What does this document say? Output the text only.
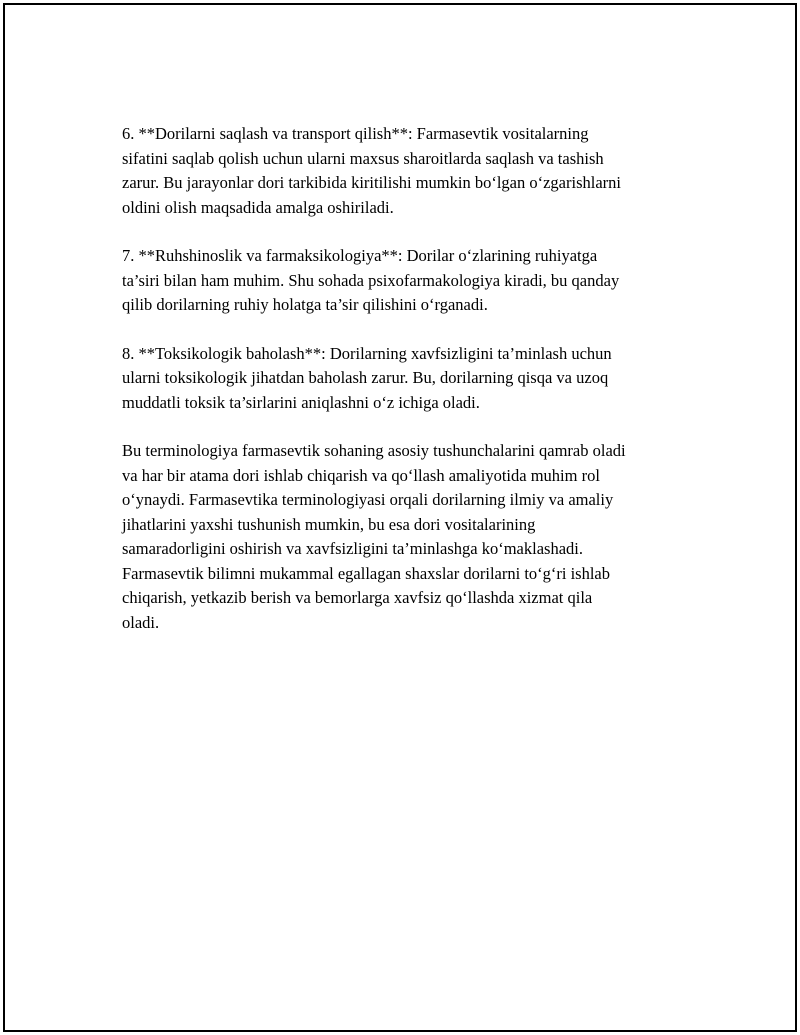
6. **Dorilarni saqlash va transport qilish**: Farmasevtik vositalarning
sifatini saqlab qolish uchun ularni maxsus sharoitlarda saqlash va tashish
zarur. Bu jarayonlar dori tarkibida kiritilishi mumkin bo‘lgan o‘zgarishlarni
oldini olish maqsadida amalga oshiriladi.

7. **Ruhshinoslik va farmaksikologiya**: Dorilar o‘zlarining ruhiyatga
ta’siri bilan ham muhim. Shu sohada psixofarmakologiya kiradi, bu qanday
qilib dorilarning ruhiy holatga ta’sir qilishini o‘rganadi.

8. **Toksikologik baholash**: Dorilarning xavfsizligini ta’minlash uchun
ularni toksikologik jihatdan baholash zarur. Bu, dorilarning qisqa va uzoq
muddatli toksik ta’sirlarini aniqlashni o‘z ichiga oladi.

Bu terminologiya farmasevtik sohaning asosiy tushunchalarini qamrab oladi
va har bir atama dori ishlab chiqarish va qo‘llash amaliyotida muhim rol
o‘ynaydi. Farmasevtika terminologiyasi orqali dorilarning ilmiy va amaliy
jihatlarini yaxshi tushunish mumkin, bu esa dori vositalarining
samaradorligini oshirish va xavfsizligini ta’minlashga ko‘maklashadi.
Farmasevtik bilimni mukammal egallagan shaxslar dorilarni to‘g‘ri ishlab
chiqarish, yetkazib berish va bemorlarga xavfsiz qo‘llashda xizmat qila
oladi.
